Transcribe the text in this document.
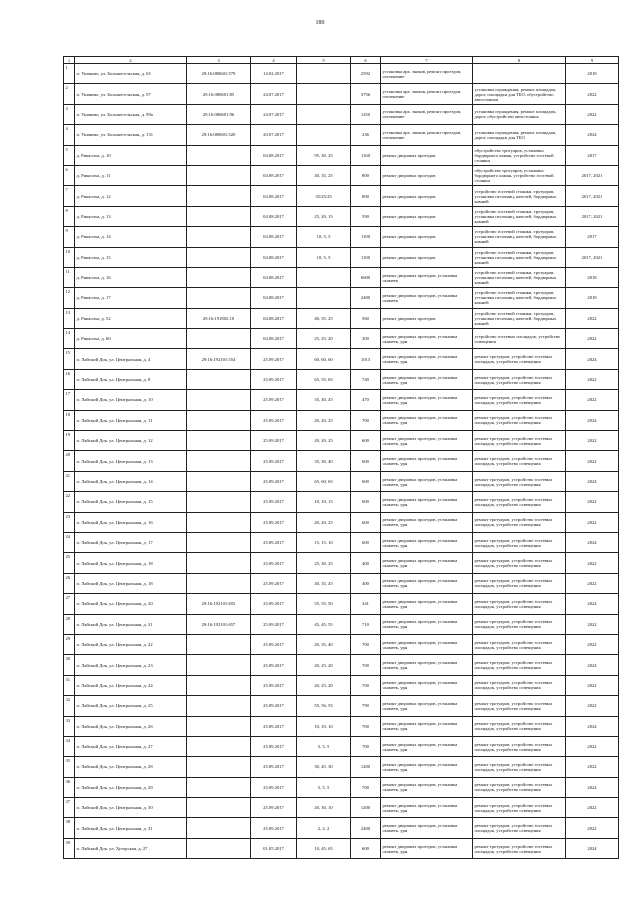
189
1	2	3	4	5	6	7	8	9
1	п. Ушаково, ул. Большесельская, д. 65	29:16:080601:579	14.02.2017		2592	установка арх. знаков, ремонт проездов, озеленение		2018
2	п. Ушаково, ул. Большесельская, д. 97	29:16:080601:85	24.07.2017		3756	установка арх. знаков, ремонт проездов, озеленение	установка ограждения, ремонт площадок, дорог, площадки для ТБО, обустройство автостоянок	2022
3	п. Ушаково, ул. Большесельская, д. 99а	29:16:080601:96	24.07.2017		1450	установка арх. знаков, ремонт проездов, озеленение	установка ограждения, ремонт площадок, дорог, обустройство автостоянок	2022
4	п. Ушаково, ул. Большесельская, д. 131	29:16:080601:520	20.07.2017		236	установка арх. знаков, ремонт проездов, озеленение	установка ограждения, ремонт площадок, дорог, площадки для ТБО	2024
5	д. Рикасиха, д. 10		04.08.2017	95, 30, 25	1160	ремонт дворовых проездов	обустройство тротуаров, установка бордюрного камня, устройство гостевой стоянки	2017
6	д. Рикасиха, д. 11		04.08.2017	40, 35, 25	800	ремонт дворовых проездов	обустройство тротуаров, установка бордюрного камня, устройство гостевой стоянки	2017, 2021
7	д. Рикасиха, д. 12		04.08.2017	35/25/25	800	ремонт дворовых проездов	устройство гостевой стоянки, тротуаров, установка песочниц, качелей, бордюрных камней	2017, 2021
8	д. Рикасиха, д. 13		04.08.2017	25, 20, 15	590	ремонт дворовых проездов	устройство гостевой стоянки, тротуаров, установка песочниц, качелей, бордюрных камней	2017, 2021
9	д. Рикасиха, д. 14		04.08.2017	10, 5, 5	1100	ремонт дворовых проездов	устройство гостевой стоянки, тротуаров, установка песочниц, качелей, бордюрных камней	2017
10	д. Рикасиха, д. 15		04.08.2017	10, 5, 5	1100	ремонт дворовых проездов	устройство гостевой стоянки, тротуаров, установка песочниц, качелей, бордюрных камней	2017, 2021
11	д. Рикасиха, д. 16		04.08.2017		6600	ремонт дворовых проездов, установка скамеек	устройство гостевой стоянки, тротуаров, установка песочниц, качелей, бордюрных камней	2018
12	д. Рикасиха, д. 17		04.08.2017		2400	ремонт дворовых проездов, установка скамеек	устройство гостевой стоянки, тротуаров, установка песочниц, качелей, бордюрных камней	2018
13	д. Рикасиха, д. 52	29:16:191802:10	04.08.2017	40, 35, 25	560	ремонт дворовых проездов	устройство гостевой стоянки, тротуаров, установка песочниц, качелей, бордюрных камней	2022
14	д. Рикасиха, д. 60		04.08.2017	25, 25, 20	300	ремонт дворовых проездов, установка скамеек, урн	устройство гостевых площадок, устройство освещения	2022
15	п. Лайский Док, ул. Центральная, д. 4	29:16:192101:554	25.09.2017	60, 60, 60	1013	ремонт дворовых проездов, установка скамеек, урн	ремонт тротуаров, устройство гостевых площадок, устройство освещения	2024
16	п. Лайский Док, ул. Центральная, д. 8		25.09.2017	65, 55, 65	740	ремонт дворовых проездов, установка скамеек, урн	ремонт тротуаров, устройство гостевых площадок, устройство освещения	2022
17	п. Лайский Док, ул. Центральная, д. 10		25.09.2017	35, 40, 45	470	ремонт дворовых проездов, установка скамеек, урн	ремонт тротуаров, устройство гостевых площадок, устройство освещения	2022
18	п. Лайский Док, ул. Центральная, д. 11		25.09.2017	20, 20, 25	700	ремонт дворовых проездов, установка скамеек, урн	ремонт тротуаров, устройство гостевых площадок, устройство освещения	2024
19	п. Лайский Док, ул. Центральная, д. 12		25.09.2017	20, 20, 25	600	ремонт дворовых проездов, установка скамеек, урн	ремонт тротуаров, устройство гостевых площадок, устройство освещения	2022
20	п. Лайский Док, ул. Центральная, д. 13		25.09.2017	35, 30, 40	600	ремонт дворовых проездов, установка скамеек, урн	ремонт тротуаров, устройство гостевых площадок, устройство освещения	2022
21	п. Лайский Док, ул. Центральная, д. 14		25.09.2017	65, 60, 65	600	ремонт дворовых проездов, установка скамеек, урн	ремонт тротуаров, устройство гостевых площадок, устройство освещения	2024
22	п. Лайский Док, ул. Центральная, д. 15		25.09.2017	10, 10, 15	600	ремонт дворовых проездов, установка скамеек, урн	ремонт тротуаров, устройство гостевых площадок, устройство освещения	2022
23	п. Лайский Док, ул. Центральная, д. 16		25.09.2017	20, 20, 25	600	ремонт дворовых проездов, установка скамеек, урн	ремонт тротуаров, устройство гостевых площадок, устройство освещения	2022
24	п. Лайский Док, ул. Центральная, д. 17		25.09.2017	15, 15, 10	600	ремонт дворовых проездов, установка скамеек, урн	ремонт тротуаров, устройство гостевых площадок, устройство освещения	2024
25	п. Лайский Док, ул. Центральная, д. 18		25.09.2017	25, 30, 25	400	ремонт дворовых проездов, установка скамеек, урн	ремонт тротуаров, устройство гостевых площадок, устройство освещения	2022
26	п. Лайский Док, ул. Центральная, д. 18		25.09.2017	40, 35, 45	400	ремонт дворовых проездов, установка скамеек, урн	ремонт тротуаров, устройство гостевых площадок, устройство освещения	2022
27	п. Лайский Док, ул. Центральная, д. 20	29:16:192101:655	25.09.2017	55, 55, 50	341	ремонт дворовых проездов, установка скамеек, урн	ремонт тротуаров, устройство гостевых площадок, устройство освещения	2024
28	п. Лайский Док, ул. Центральная, д. 21	29:16:192101:657	25.09.2017	45, 45, 55	710	ремонт дворовых проездов, установка скамеек, урн	ремонт тротуаров, устройство гостевых площадок, устройство освещения	2022
29	п. Лайский Док, ул. Центральная, д. 22		25.09.2017	20, 35, 40	700	ремонт дворовых проездов, установка скамеек, урн	ремонт тротуаров, устройство гостевых площадок, устройство освещения	2022
30	п. Лайский Док, ул. Центральная, д. 23		25.09.2017	20, 25, 20	700	ремонт дворовых проездов, установка скамеек, урн	ремонт тротуаров, устройство гостевых площадок, устройство освещения	2024
31	п. Лайский Док, ул. Центральная, д. 24		25.09.2017	20, 25, 20	700	ремонт дворовых проездов, установка скамеек, урн	ремонт тротуаров, устройство гостевых площадок, устройство освещения	2022
32	п. Лайский Док, ул. Центральная, д. 25		25.09.2017	55, 56, 55	790	ремонт дворовых проездов, установка скамеек, урн	ремонт тротуаров, устройство гостевых площадок, устройство освещения	2022
33	п. Лайский Док, ул. Центральная, д. 26		25.09.2017	10, 10, 10	700	ремонт дворовых проездов, установка скамеек, урн	ремонт тротуаров, устройство гостевых площадок, устройство освещения	2024
34	п. Лайский Док, ул. Центральная, д. 27		25.09.2017	5, 5, 5	700	ремонт дворовых проездов, установка скамеек, урн	ремонт тротуаров, устройство гостевых площадок, устройство освещения	2022
35	п. Лайский Док, ул. Центральная, д. 28		25.09.2017	30, 45, 30	1200	ремонт дворовых проездов, установка скамеек, урн	ремонт тротуаров, устройство гостевых площадок, устройство освещения	2022
36	п. Лайский Док, ул. Центральная, д. 29		25.09.2017	5, 5, 5	700	ремонт дворовых проездов, установка скамеек, урн	ремонт тротуаров, устройство гостевых площадок, устройство освещения	2024
37	п. Лайский Док, ул. Центральная, д. 30		25.09.2017	20, 30, 10	1200	ремонт дворовых проездов, установка скамеек, урн	ремонт тротуаров, устройство гостевых площадок, устройство освещения	2022
38	п. Лайский Док, ул. Центральная, д. 31		25.09.2017	2, 2, 2	2400	ремонт дворовых проездов, установка скамеек, урн	ремонт тротуаров, устройство гостевых площадок, устройство освещения	2022
39	п. Лайский Док, ул. Хуторская, д. 27		01.05.2017	10, 45, 65	600	ремонт дворовых проездов, установка скамеек, урн	ремонт тротуаров, устройство гостевых площадок, устройство освещения	2024
